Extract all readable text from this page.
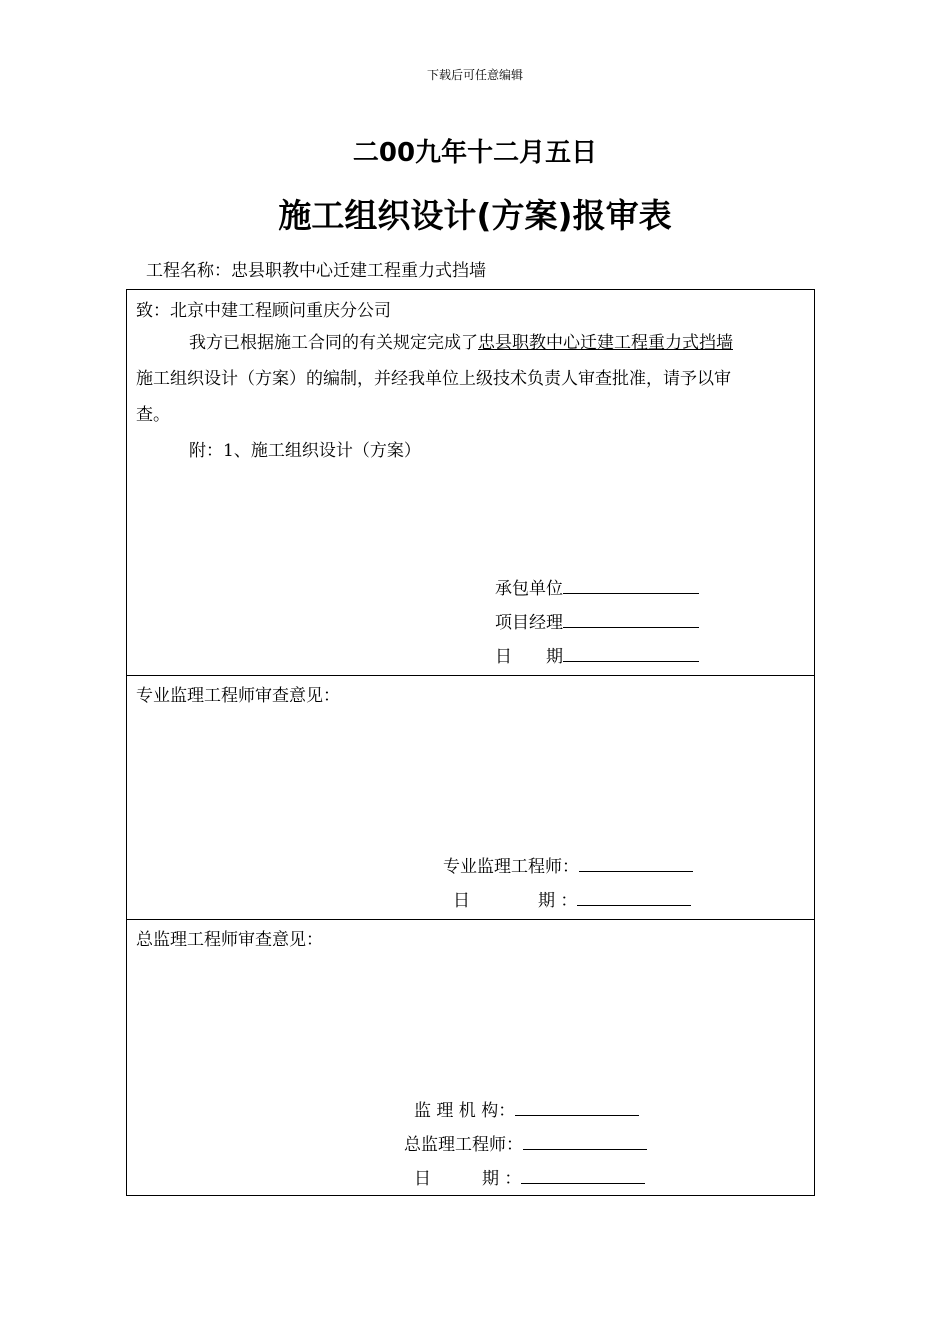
下载后可任意编辑
二00九年十二月五日
施工组织设计(方案)报审表
工程名称：忠县职教中心迁建工程重力式挡墙
致：北京中建工程顾问重庆分公司
我方已根据施工合同的有关规定完成了忠县职教中心迁建工程重力式挡墙
施工组织设计（方案）的编制，并经我单位上级技术负责人审查批准，请予以审
查。
附：1、施工组织设计（方案）
承包单位
项目经理
日　　期
专业监理工程师审查意见：
专业监理工程师：
日　　　　期 ：
总监理工程师审查意见：
监 理 机 构：
总监理工程师：
日　　　期 ：
